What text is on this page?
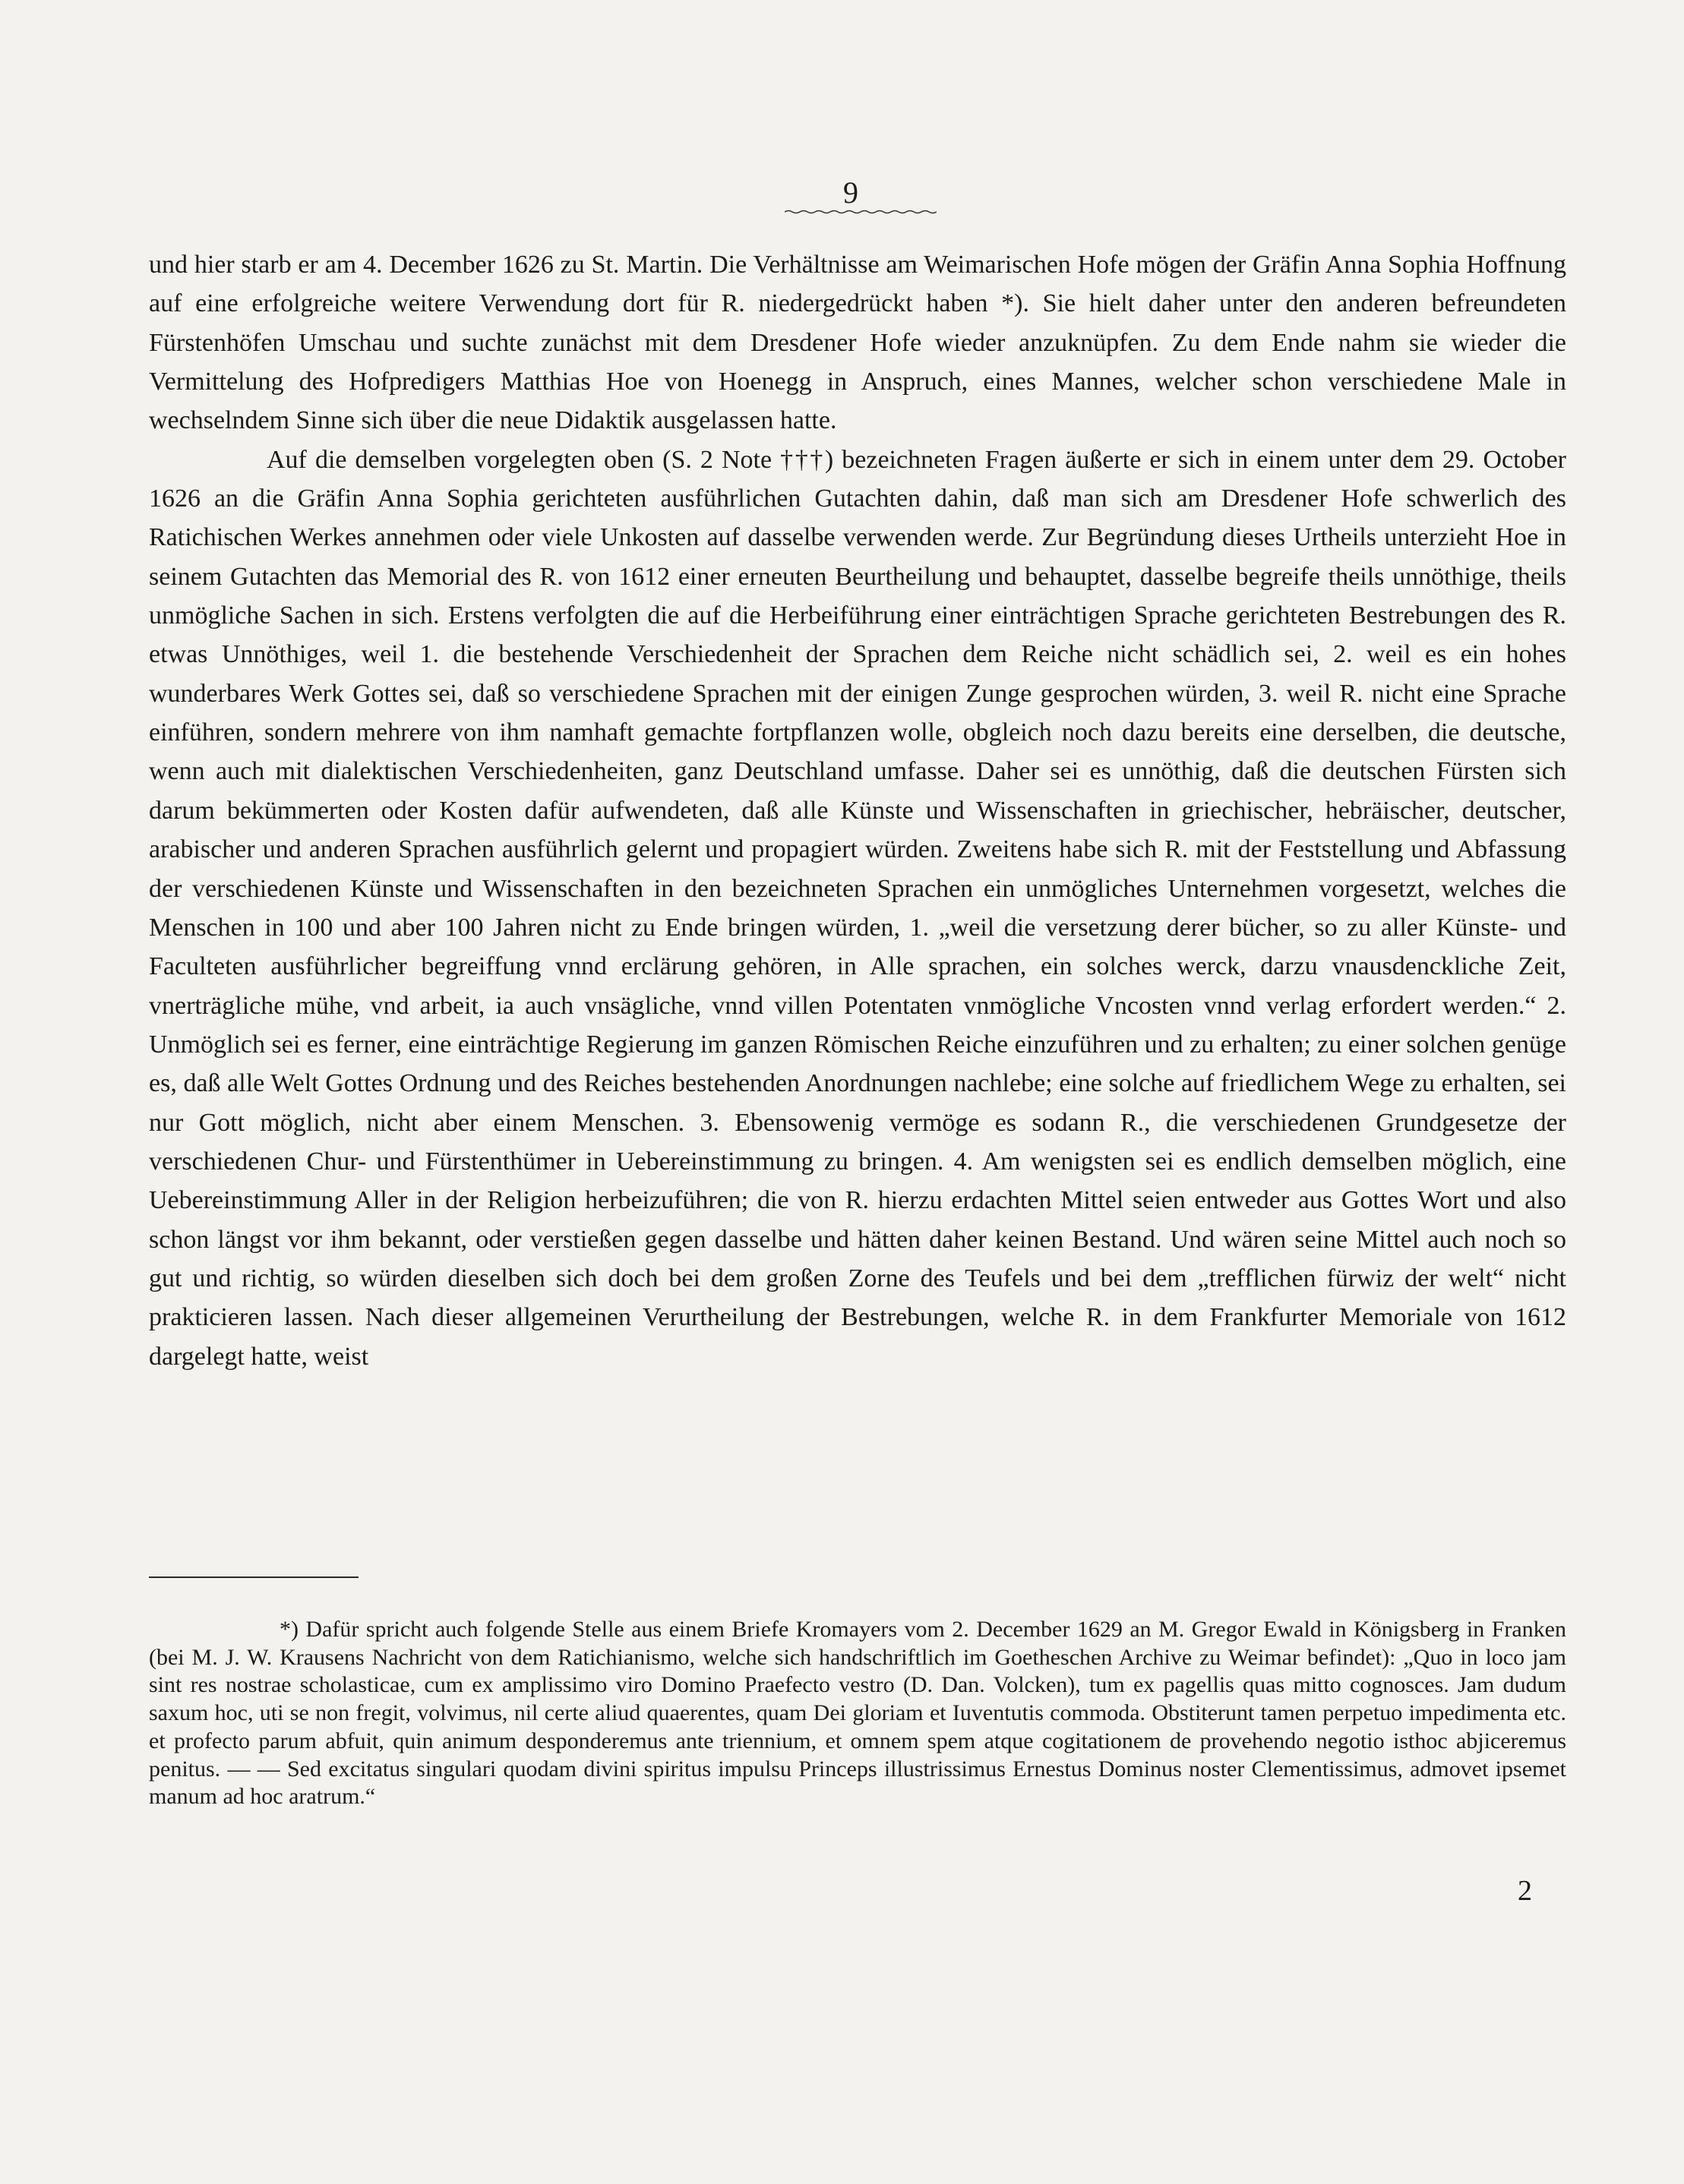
9

und hier starb er am 4. December 1626 zu St. Martin. Die Verhältnisse am Weimarischen Hofe mögen der Gräfin Anna Sophia Hoffnung auf eine erfolgreiche weitere Verwendung dort für R. niedergedrückt haben *). Sie hielt daher unter den anderen befreundeten Fürstenhöfen Umschau und suchte zunächst mit dem Dresdener Hofe wieder anzuknüpfen. Zu dem Ende nahm sie wieder die Vermittelung des Hofpredigers Matthias Hoe von Hoenegg in Anspruch, eines Mannes, welcher schon verschiedene Male in wechselndem Sinne sich über die neue Didaktik ausgelassen hatte.

Auf die demselben vorgelegten oben (S. 2 Note †††) bezeichneten Fragen äußerte er sich in einem unter dem 29. October 1626 an die Gräfin Anna Sophia gerichteten ausführlichen Gutachten dahin, daß man sich am Dresdener Hofe schwerlich des Ratichischen Werkes annehmen oder viele Unkosten auf dasselbe verwenden werde. Zur Begründung dieses Urtheils unterzieht Hoe in seinem Gutachten das Memorial des R. von 1612 einer erneuten Beurtheilung und behauptet, dasselbe begreife theils unnöthige, theils unmögliche Sachen in sich. Erstens verfolgten die auf die Herbeiführung einer einträchtigen Sprache gerichteten Bestrebungen des R. etwas Unnöthiges, weil 1. die bestehende Verschiedenheit der Sprachen dem Reiche nicht schädlich sei, 2. weil es ein hohes wunderbares Werk Gottes sei, daß so verschiedene Sprachen mit der einigen Zunge gesprochen würden, 3. weil R. nicht eine Sprache einführen, sondern mehrere von ihm namhaft gemachte fortpflanzen wolle, obgleich noch dazu bereits eine derselben, die deutsche, wenn auch mit dialektischen Verschiedenheiten, ganz Deutschland umfasse. Daher sei es unnöthig, daß die deutschen Fürsten sich darum bekümmerten oder Kosten dafür aufwendeten, daß alle Künste und Wissenschaften in griechischer, hebräischer, deutscher, arabischer und anderen Sprachen ausführlich gelernt und propagiert würden. Zweitens habe sich R. mit der Feststellung und Abfassung der verschiedenen Künste und Wissenschaften in den bezeichneten Sprachen ein unmögliches Unternehmen vorgesetzt, welches die Menschen in 100 und aber 100 Jahren nicht zu Ende bringen würden, 1. „weil die versetzung derer bücher, so zu aller Künste- und Faculteten ausführlicher begreiffung vnnd erclärung gehören, in Alle sprachen, ein solches werck, darzu vnausdenckliche Zeit, vnerträgliche mühe, vnd arbeit, ia auch vnsägliche, vnnd villen Potentaten vnmögliche Vncosten vnnd verlag erfordert werden.“ 2. Unmöglich sei es ferner, eine einträchtige Regierung im ganzen Römischen Reiche einzuführen und zu erhalten; zu einer solchen genüge es, daß alle Welt Gottes Ordnung und des Reiches bestehenden Anordnungen nachlebe; eine solche auf friedlichem Wege zu erhalten, sei nur Gott möglich, nicht aber einem Menschen. 3. Ebensowenig vermöge es sodann R., die verschiedenen Grundgesetze der verschiedenen Chur- und Fürstenthümer in Uebereinstimmung zu bringen. 4. Am wenigsten sei es endlich demselben möglich, eine Uebereinstimmung Aller in der Religion herbeizuführen; die von R. hierzu erdachten Mittel seien entweder aus Gottes Wort und also schon längst vor ihm bekannt, oder verstießen gegen dasselbe und hätten daher keinen Bestand. Und wären seine Mittel auch noch so gut und richtig, so würden dieselben sich doch bei dem großen Zorne des Teufels und bei dem „trefflichen fürwiz der welt“ nicht prakticieren lassen. Nach dieser allgemeinen Verurtheilung der Bestrebungen, welche R. in dem Frankfurter Memoriale von 1612 dargelegt hatte, weist

*) Dafür spricht auch folgende Stelle aus einem Briefe Kromayers vom 2. December 1629 an M. Gregor Ewald in Königsberg in Franken (bei M. J. W. Krausens Nachricht von dem Ratichianismo, welche sich handschriftlich im Goetheschen Archive zu Weimar befindet): „Quo in loco jam sint res nostrae scholasticae, cum ex amplissimo viro Domino Praefecto vestro (D. Dan. Volcken), tum ex pagellis quas mitto cognosces. Jam dudum saxum hoc, uti se non fregit, volvimus, nil certe aliud quaerentes, quam Dei gloriam et Iuventutis commoda. Obstiterunt tamen perpetuo impedimenta etc. et profecto parum abfuit, quin animum desponderemus ante triennium, et omnem spem atque cogitationem de provehendo negotio isthoc abjiceremus penitus. — — Sed excitatus singulari quodam divini spiritus impulsu Princeps illustrissimus Ernestus Dominus noster Clementissimus, admovet ipsemet manum ad hoc aratrum.“
2
